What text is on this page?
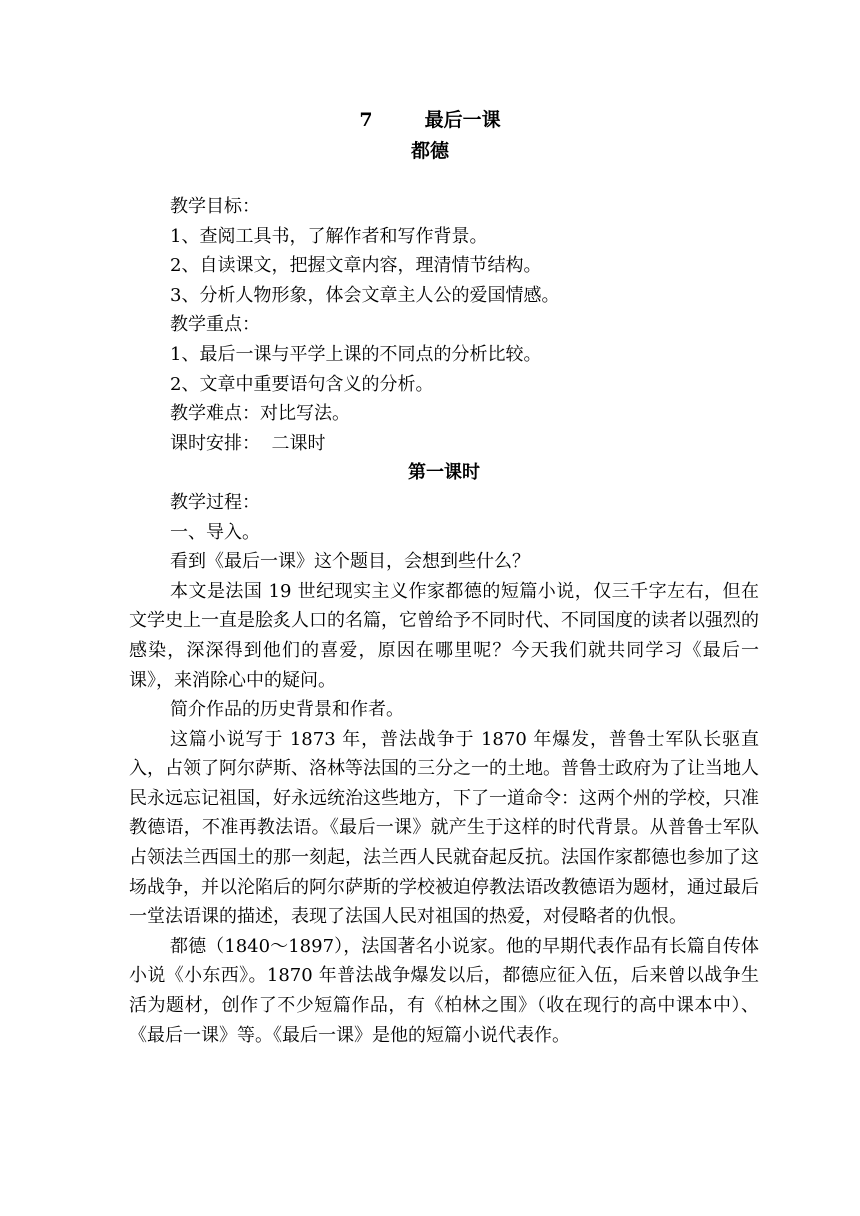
7	最后一课
都德
教学目标：
1、查阅工具书，了解作者和写作背景。
2、自读课文，把握文章内容，理清情节结构。
3、分析人物形象，体会文章主人公的爱国情感。
教学重点：
1、最后一课与平学上课的不同点的分析比较。
2、文章中重要语句含义的分析。
教学难点：对比写法。
课时安排：  二课时
第一课时
教学过程：
一、导入。
看到《最后一课》这个题目，会想到些什么？
本文是法国 19 世纪现实主义作家都德的短篇小说，仅三千字左右，但在文学史上一直是脍炙人口的名篇，它曾给予不同时代、不同国度的读者以强烈的感染，深深得到他们的喜爱，原因在哪里呢？今天我们就共同学习《最后一课》，来消除心中的疑问。
简介作品的历史背景和作者。
这篇小说写于 1873 年，普法战争于 1870 年爆发，普鲁士军队长驱直入，占领了阿尔萨斯、洛林等法国的三分之一的土地。普鲁士政府为了让当地人民永远忘记祖国，好永远统治这些地方，下了一道命令：这两个州的学校，只准教德语，不准再教法语。《最后一课》就产生于这样的时代背景。从普鲁士军队占领法兰西国土的那一刻起，法兰西人民就奋起反抗。法国作家都德也参加了这场战争，并以沦陷后的阿尔萨斯的学校被迫停教法语改教德语为题材，通过最后一堂法语课的描述，表现了法国人民对祖国的热爱，对侵略者的仇恨。
都德（1840～1897），法国著名小说家。他的早期代表作品有长篇自传体小说《小东西》。1870 年普法战争爆发以后，都德应征入伍，后来曾以战争生活为题材，创作了不少短篇作品，有《柏林之围》（收在现行的高中课本中）、《最后一课》等。《最后一课》是他的短篇小说代表作。
